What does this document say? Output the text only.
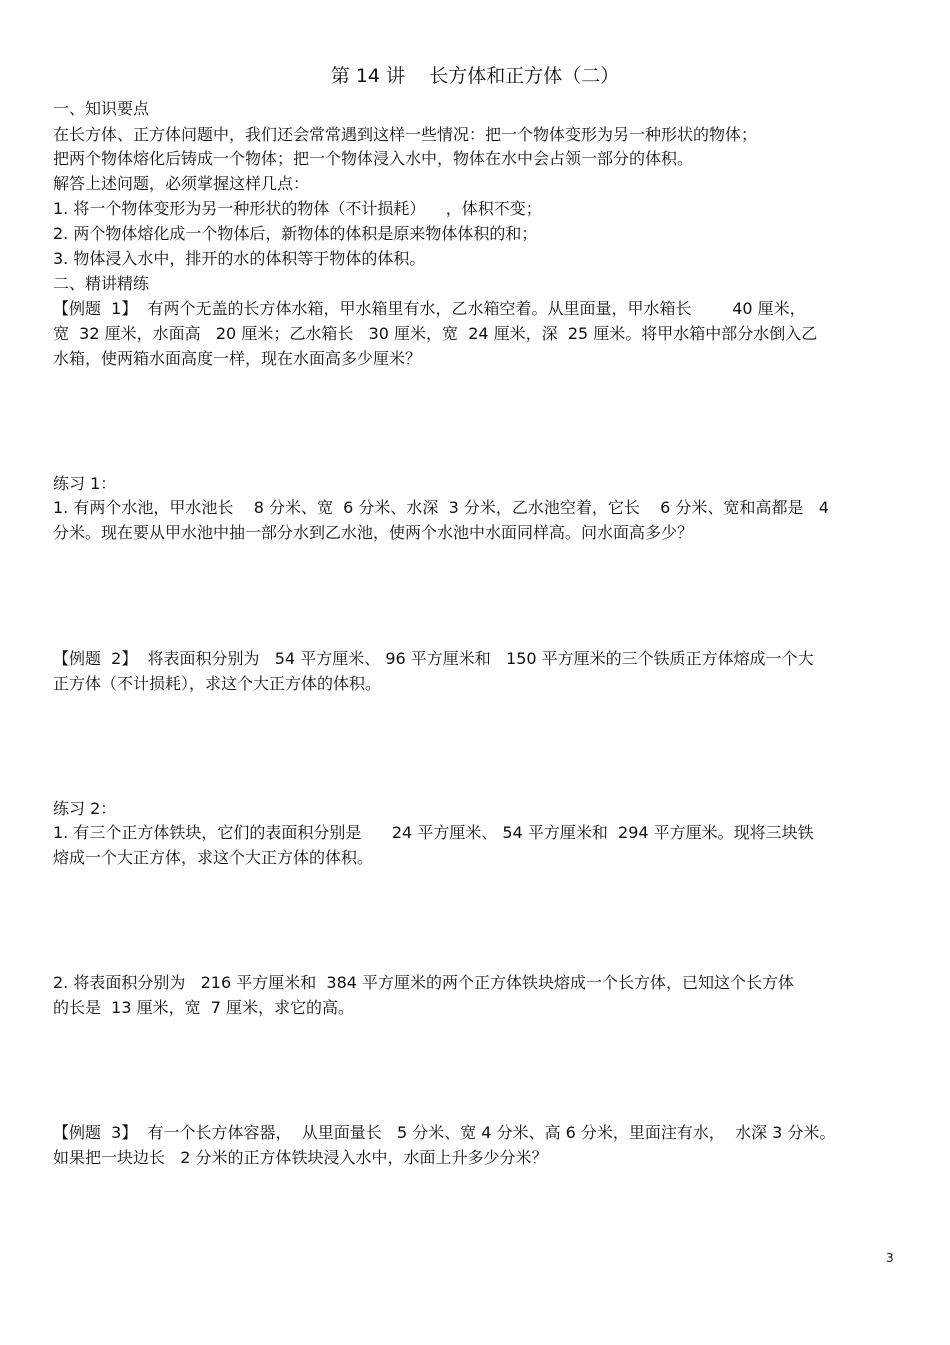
第 14 讲    长方体和正方体（二）
一、知识要点
在长方体、正方体问题中，我们还会常常遇到这样一些情况：把一个物体变形为另一种形状的物体；
把两个物体熔化后铸成一个物体；把一个物体浸入水中，物体在水中会占领一部分的体积。
解答上述问题，必须掌握这样几点：
1. 将一个物体变形为另一种形状的物体（不计损耗）    ，体积不变；
2. 两个物体熔化成一个物体后，新物体的体积是原来物体体积的和；
3. 物体浸入水中，排开的水的体积等于物体的体积。
二、精讲精练
【例题  1】  有两个无盖的长方体水箱，甲水箱里有水，乙水箱空着。从里面量，甲水箱长        40 厘米，
宽  32 厘米，水面高   20 厘米；乙水箱长   30 厘米，宽  24 厘米，深  25 厘米。将甲水箱中部分水倒入乙
水箱，使两箱水面高度一样，现在水面高多少厘米？
练习 1：
1. 有两个水池，甲水池长    8 分米、宽  6 分米、水深  3 分米，乙水池空着，它长    6 分米、宽和高都是   4
分米。现在要从甲水池中抽一部分水到乙水池，使两个水池中水面同样高。问水面高多少？
【例题  2】  将表面积分别为   54 平方厘米、 96 平方厘米和   150 平方厘米的三个铁质正方体熔成一个大
正方体（不计损耗），求这个大正方体的体积。
练习 2：
1. 有三个正方体铁块，它们的表面积分别是      24 平方厘米、 54 平方厘米和  294 平方厘米。现将三块铁
熔成一个大正方体，求这个大正方体的体积。
2. 将表面积分别为   216 平方厘米和  384 平方厘米的两个正方体铁块熔成一个长方体，已知这个长方体
的长是  13 厘米，宽  7 厘米，求它的高。
【例题  3】  有一个长方体容器，  从里面量长   5 分米、宽 4 分米、高 6 分米，里面注有水，  水深 3 分米。
如果把一块边长   2 分米的正方体铁块浸入水中，水面上升多少分米？
3
